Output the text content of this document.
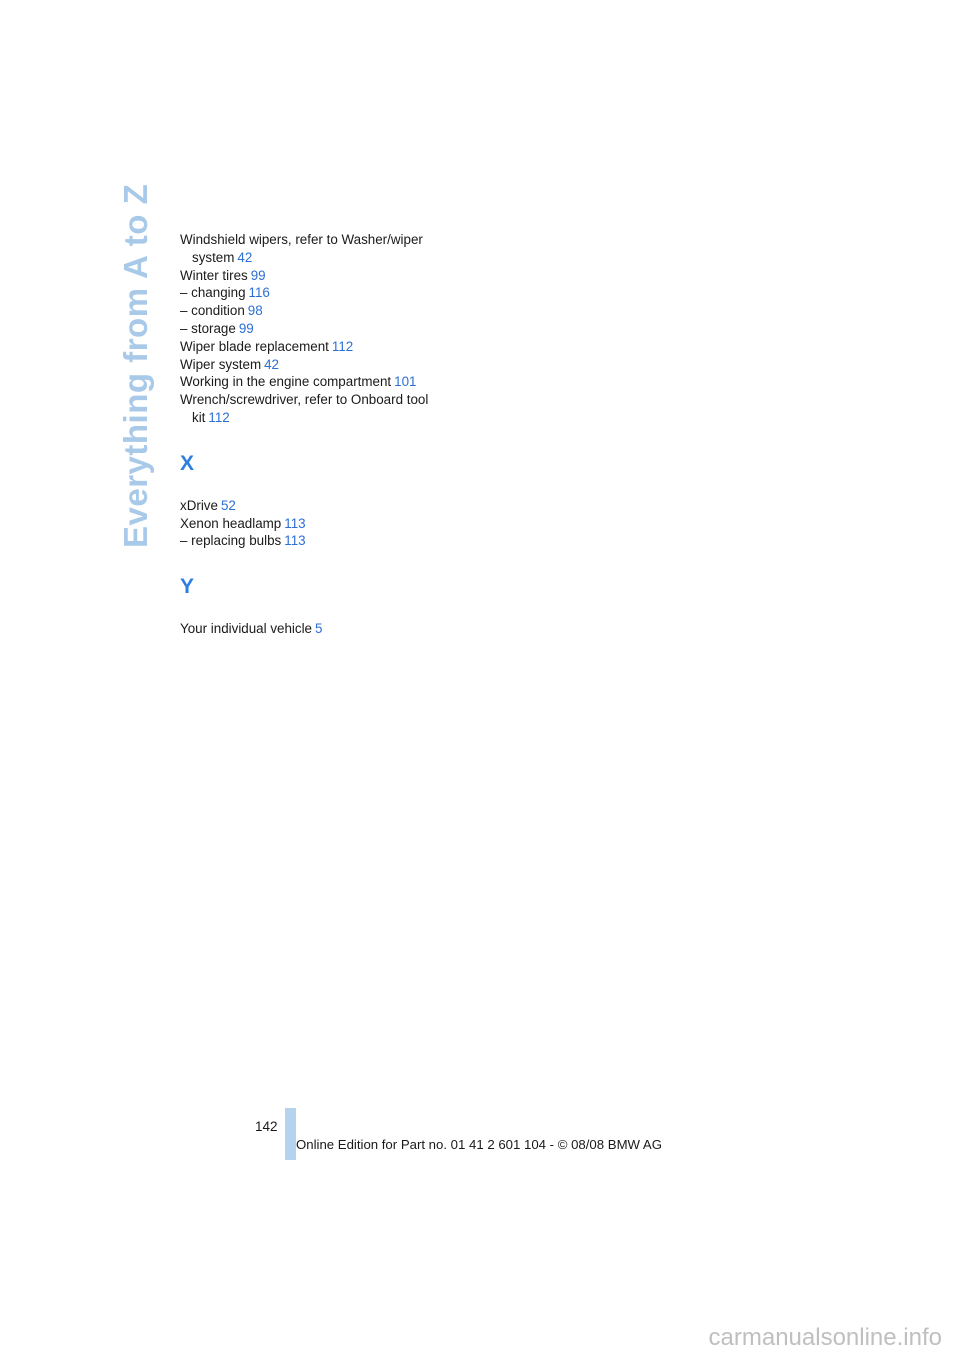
Everything from A to Z Windshield wipers, refer to Washer/wiper system 42

Winter tires 99

– changing 116

– condition 98

– storage 99

Wiper blade replacement 112

Wiper system 42

Working in the engine compartment 101

Wrench/screwdriver, refer to Onboard tool kit 112

X

xDrive 52

Xenon headlamp 113

– replacing bulbs 113

Y

Your individual vehicle 5

142
Online Edition for Part no. 01 41 2 601 104 - © 08/08 BMW AG
carmanualsonline.info
